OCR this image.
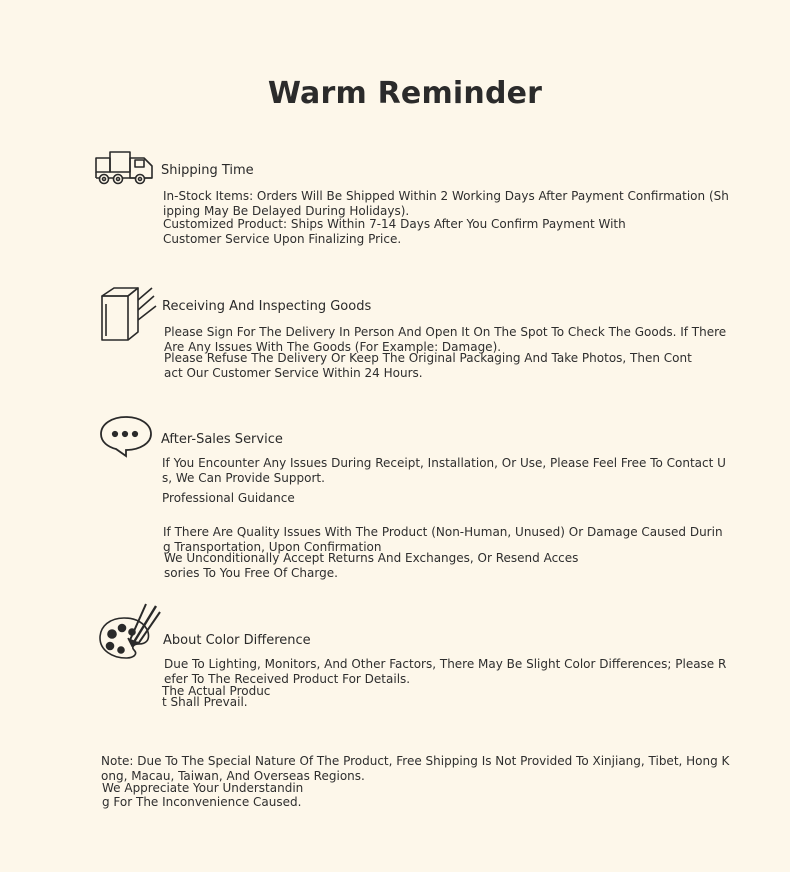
Warm Reminder
Shipping Time
In-Stock Items: Orders Will Be Shipped Within 2 Working Days After Payment Confirmation (Sh
ipping May Be Delayed During Holidays).
Customized Product: Ships Within 7-14 Days After You Confirm Payment With
Customer Service Upon Finalizing Price.
Receiving And Inspecting Goods
Please Sign For The Delivery In Person And Open It On The Spot To Check The Goods. If There
Are Any Issues With The Goods (For Example: Damage).
Please Refuse The Delivery Or Keep The Original Packaging And Take Photos, Then Cont
act Our Customer Service Within 24 Hours.
After-Sales Service
If You Encounter Any Issues During Receipt, Installation, Or Use, Please Feel Free To Contact U
s, We Can Provide Support.
Professional Guidance
If There Are Quality Issues With The Product (Non-Human, Unused) Or Damage Caused Durin
g Transportation, Upon Confirmation
We Unconditionally Accept Returns And Exchanges, Or Resend Acces
sories To You Free Of Charge.
About Color Difference
Due To Lighting, Monitors, And Other Factors, There May Be Slight Color Differences; Please R
efer To The Received Product For Details.
The Actual Produc
t Shall Prevail.
Note: Due To The Special Nature Of The Product, Free Shipping Is Not Provided To Xinjiang, Tibet, Hong K
ong, Macau, Taiwan, And Overseas Regions.
We Appreciate Your Understandin
g For The Inconvenience Caused.
